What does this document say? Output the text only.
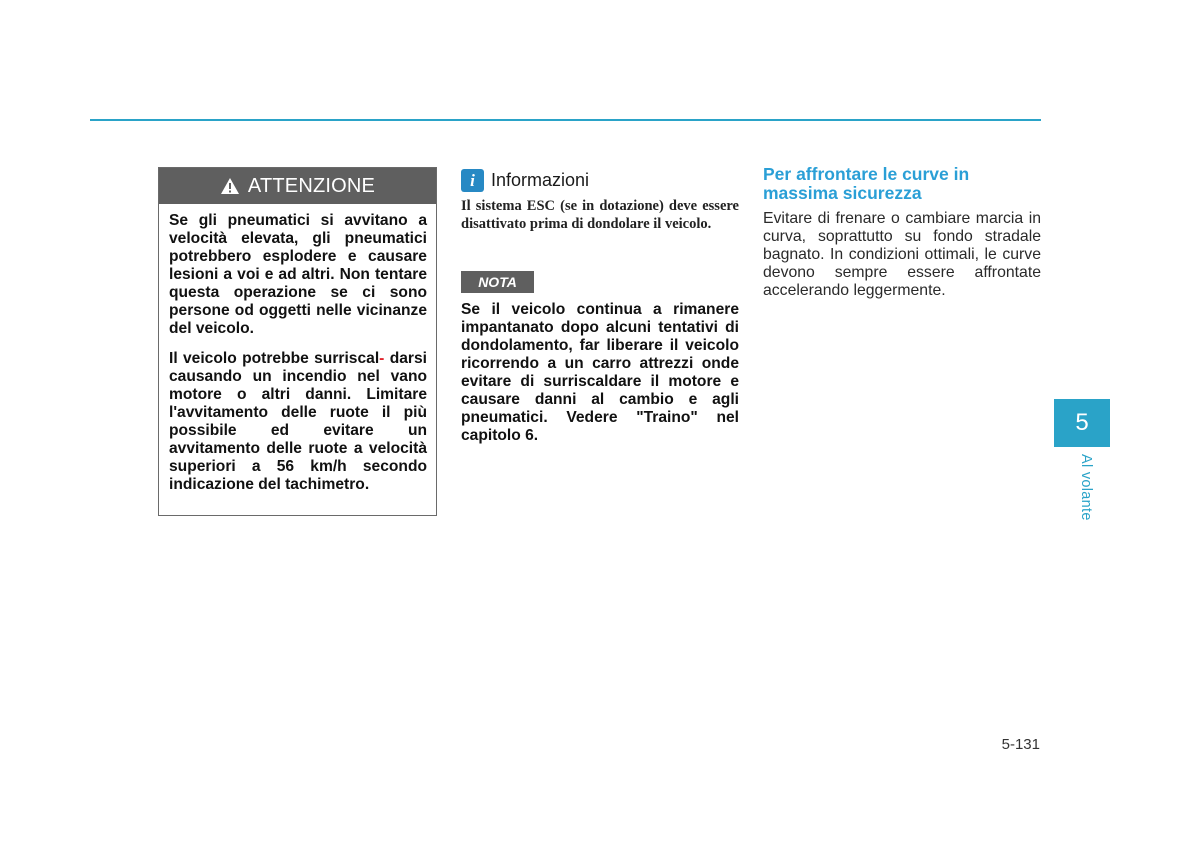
ATTENZIONE

Se gli pneumatici si avvitano a velocità elevata, gli pneumatici potrebbero esplodere e causare lesioni a voi e ad altri. Non tentare questa operazione se ci sono persone od oggetti nelle vicinanze del veicolo.

Il veicolo potrebbe surriscal- darsi causando un incendio nel vano motore o altri danni. Limitare l'avvitamento delle ruote il più possibile ed evitare un avvitamento delle ruote a velocità superiori a 56 km/h secondo indicazione del tachimetro.

i Informazioni
Il sistema ESC (se in dotazione) deve essere disattivato prima di dondolare il veicolo.
NOTA
Se il veicolo continua a rimanere impantanato dopo alcuni tentativi di dondolamento, far liberare il veicolo ricorrendo a un carro attrezzi onde evitare di surriscaldare il motore e causare danni al cambio e agli pneumatici. Vedere "Traino" nel capitolo 6.
Per affrontare le curve in massima sicurezza
Evitare di frenare o cambiare marcia in curva, soprattutto su fondo stradale bagnato. In condizioni ottimali, le curve devono sempre essere affrontate accelerando leggermente.
5
Al volante
5-131
